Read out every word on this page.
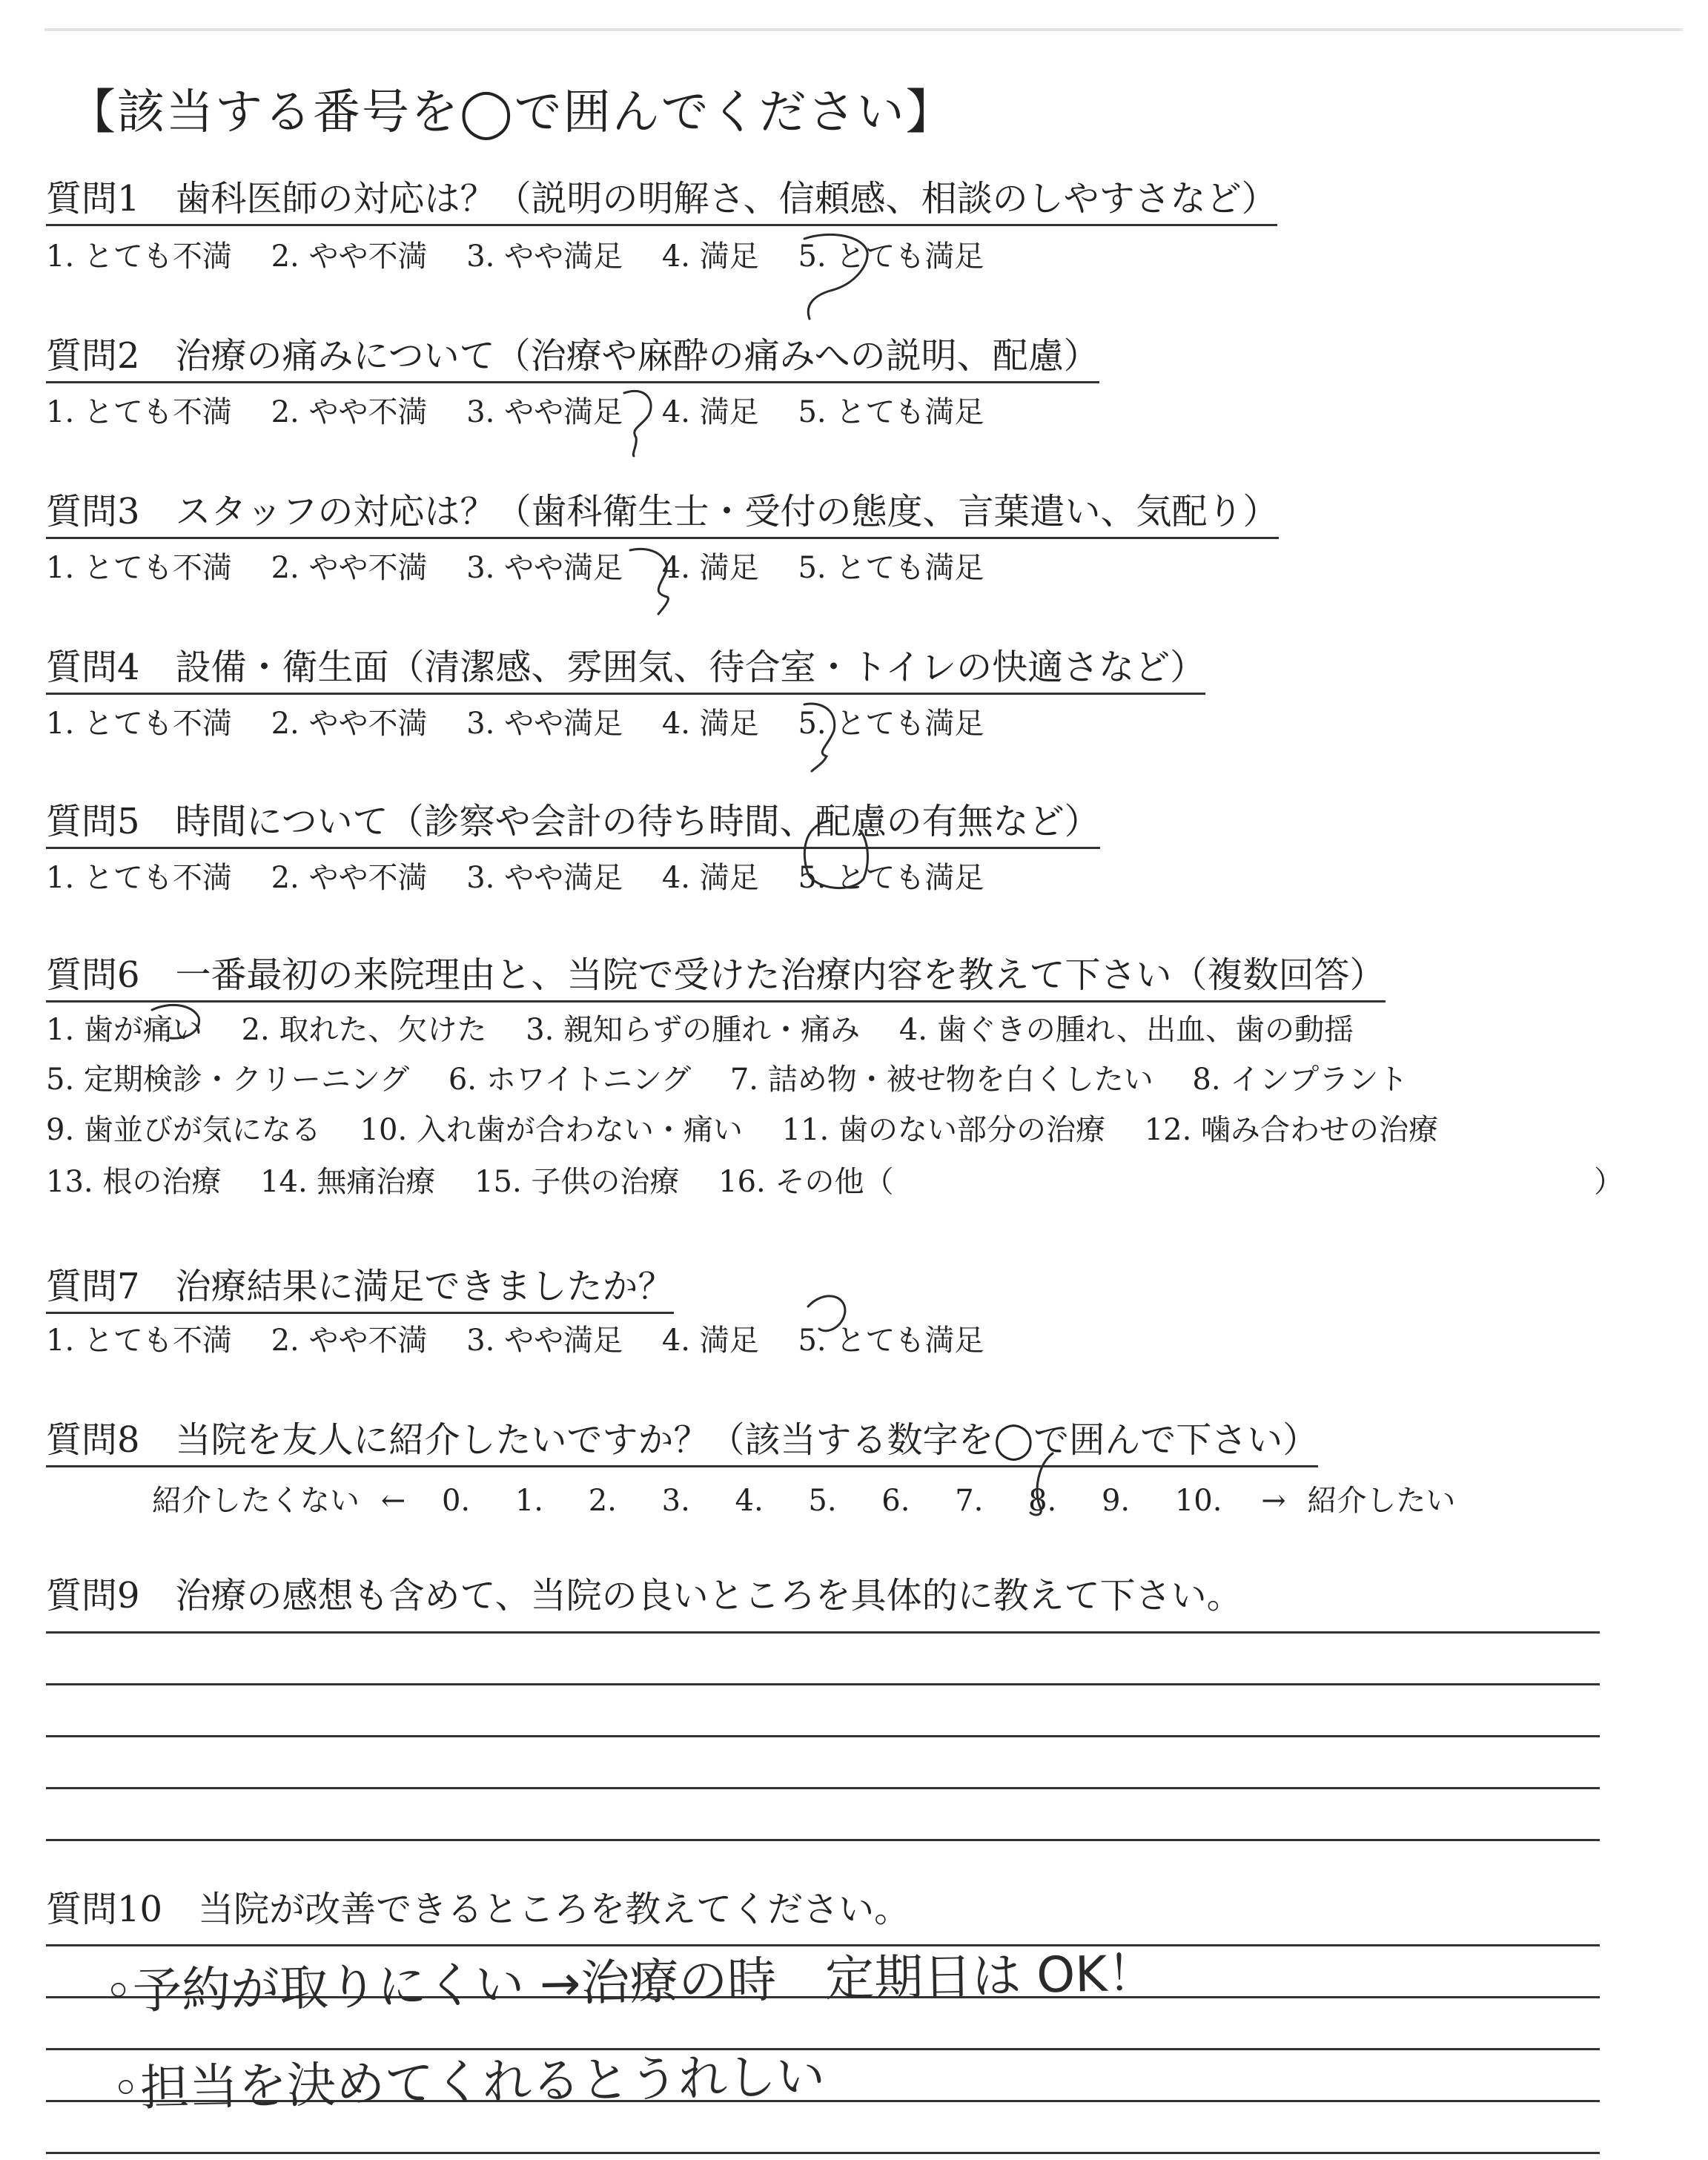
【該当する番号を◯で囲んでください】
質問1　歯科医師の対応は？（説明の明解さ、信頼感、相談のしやすさなど）
1. とても不満 2. やや不満 3. やや満足 4. 満足 5. とても満足
質問2　治療の痛みについて（治療や麻酔の痛みへの説明、配慮）
1. とても不満 2. やや不満 3. やや満足 4. 満足 5. とても満足
質問3　スタッフの対応は？（歯科衛生士・受付の態度、言葉遣い、気配り）
1. とても不満 2. やや不満 3. やや満足 4. 満足 5. とても満足
質問4　設備・衛生面（清潔感、雰囲気、待合室・トイレの快適さなど）
1. とても不満 2. やや不満 3. やや満足 4. 満足 5. とても満足
質問5　時間について（診察や会計の待ち時間、配慮の有無など）
1. とても不満 2. やや不満 3. やや満足 4. 満足 5. とても満足
質問6　一番最初の来院理由と、当院で受けた治療内容を教えて下さい（複数回答）
1. 歯が痛い 2. 取れた、欠けた 3. 親知らずの腫れ・痛み 4. 歯ぐきの腫れ、出血、歯の動揺
5. 定期検診・クリーニング 6. ホワイトニング 7. 詰め物・被せ物を白くしたい 8. インプラント
9. 歯並びが気になる 10. 入れ歯が合わない・痛い 11. 歯のない部分の治療 12. 噛み合わせの治療
13. 根の治療 14. 無痛治療 15. 子供の治療 16. その他（	）
質問7　治療結果に満足できましたか？
1. とても不満 2. やや不満 3. やや満足 4. 満足 5. とても満足
質問8　当院を友人に紹介したいですか？（該当する数字を◯で囲んで下さい）
紹介したくない ← 0. 1. 2. 3. 4. 5. 6. 7. 8. 9. 10. → 紹介したい
質問9　治療の感想も含めて、当院の良いところを具体的に教えて下さい。
質問10　当院が改善できるところを教えてください。
◦予約が取りにくい →治療の時　定期日は OK！
◦担当を決めてくれるとうれしい
